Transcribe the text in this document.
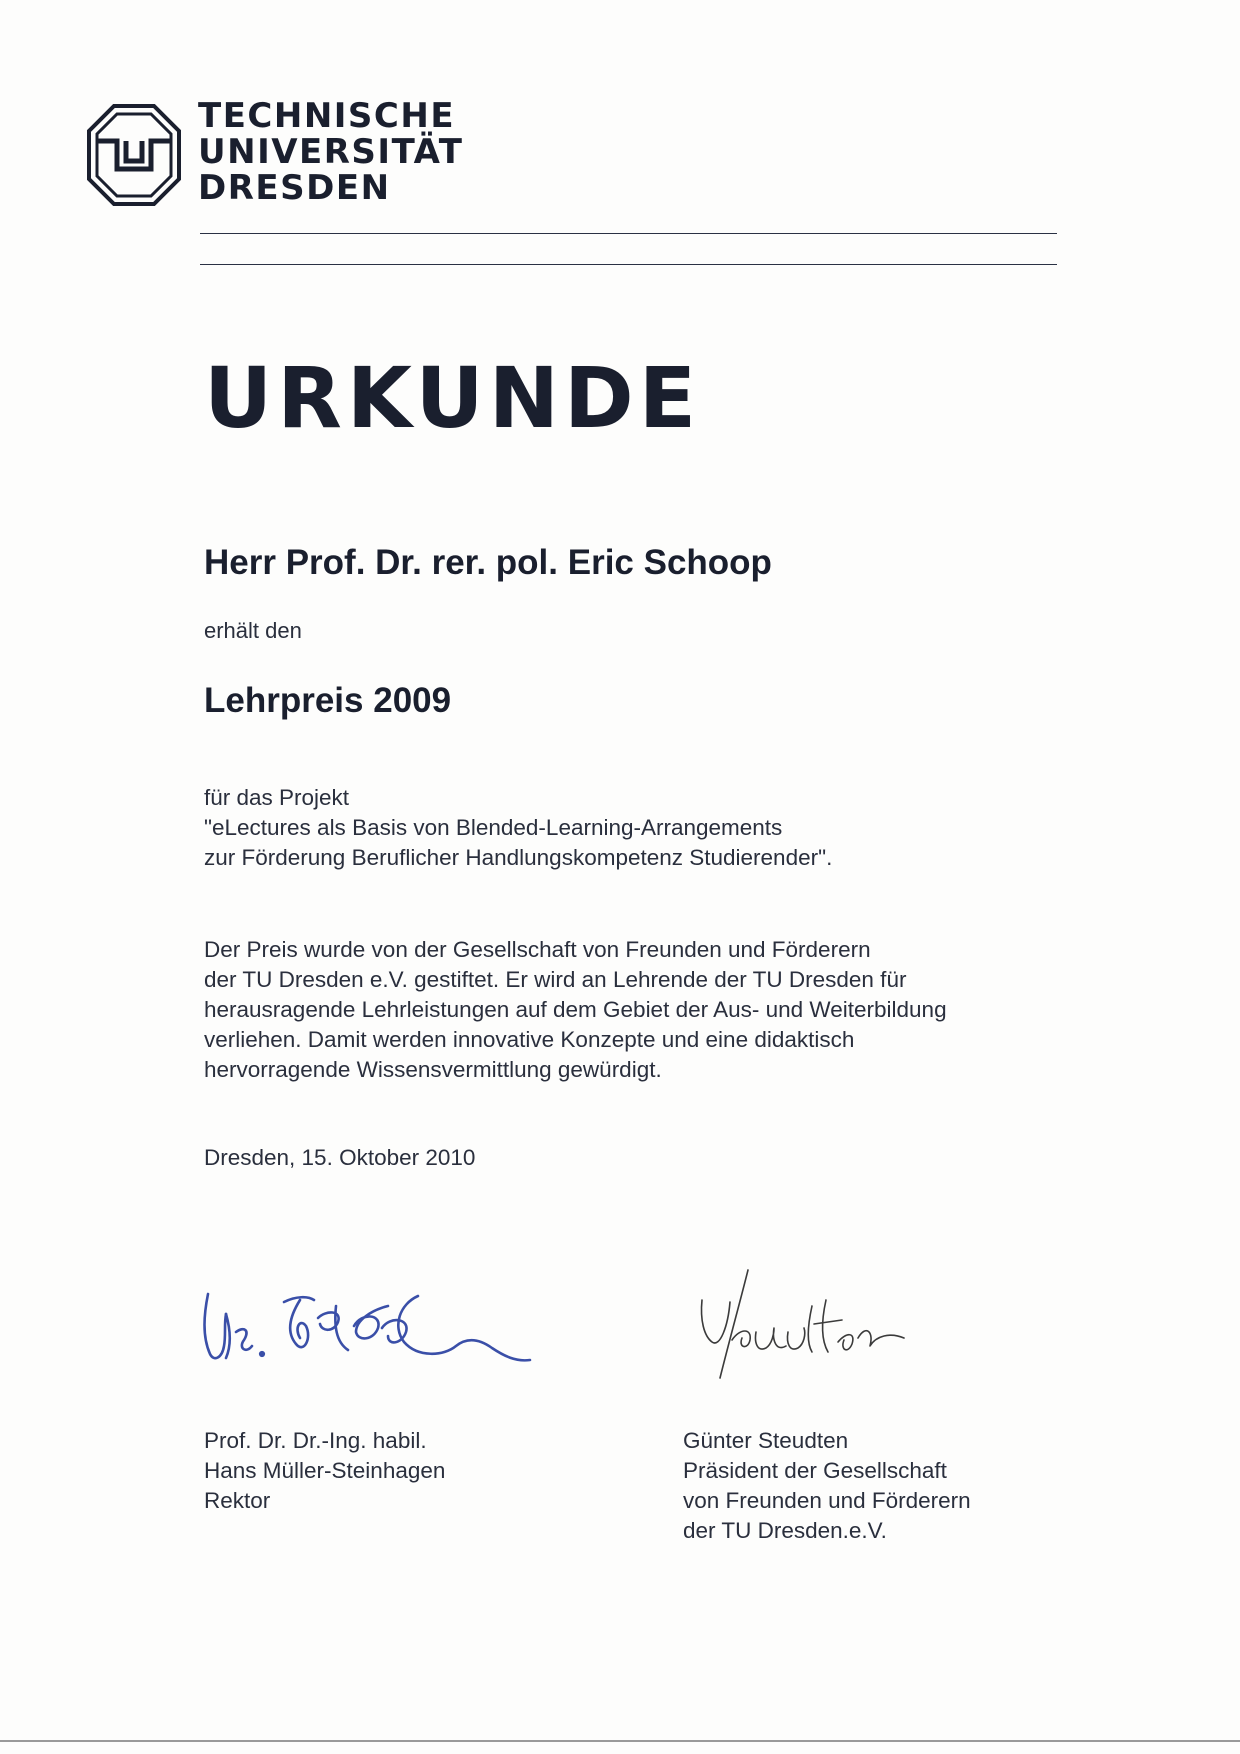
TECHNISCHE
UNIVERSITÄT
DRESDEN
URKUNDE
Herr Prof. Dr. rer. pol. Eric Schoop
erhält den
Lehrpreis 2009
für das Projekt
"eLectures als Basis von Blended-Learning-Arrangements
zur Förderung Beruflicher Handlungskompetenz Studierender".
Der Preis wurde von der Gesellschaft von Freunden und Förderern
der TU Dresden e.V. gestiftet. Er wird an Lehrende der TU Dresden für
herausragende Lehrleistungen auf dem Gebiet der Aus- und Weiterbildung
verliehen. Damit werden innovative Konzepte und eine didaktisch
hervorragende Wissensvermittlung gewürdigt.
Dresden, 15. Oktober 2010
Prof. Dr. Dr.-Ing. habil.
Hans Müller-Steinhagen
Rektor
Günter Steudten
Präsident der Gesellschaft
von Freunden und Förderern
der TU Dresden.e.V.
